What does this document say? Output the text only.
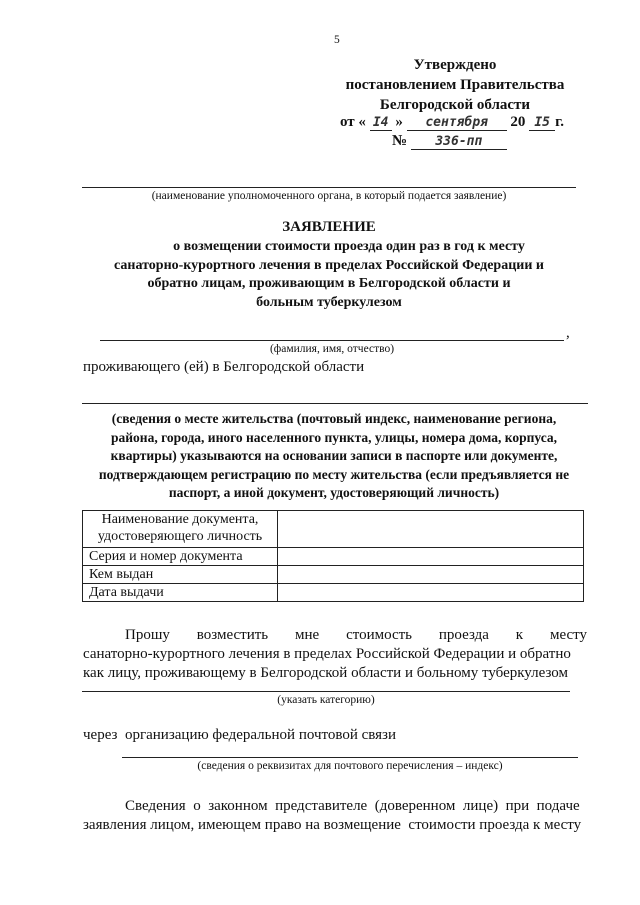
5
Утверждено
постановлением Правительства
Белгородской области
от « I4 » сентября 20 I5 г.
№ 336-пп
(наименование уполномоченного органа, в который подается заявление)
ЗАЯВЛЕНИЕ
о возмещении стоимости проезда один раз в год к месту
санаторно-курортного лечения в пределах Российской Федерации и
обратно лицам, проживающим в Белгородской области и
больным туберкулезом
,
(фамилия, имя, отчество)
проживающего (ей) в Белгородской области
(сведения о месте жительства (почтовый индекс, наименование региона,
района, города, иного населенного пункта, улицы, номера дома, корпуса,
квартиры) указываются на основании записи в паспорте или документе,
подтверждающем регистрацию по месту жительства (если предъявляется не
паспорт, а иной документ, удостоверяющий личность)
Наименование документа, удостоверяющего личность	
Серия и номер документа	
Кем выдан	
Дата выдачи	
Прошу возместить мне стоимость проезда к месту
санаторно-курортного лечения в пределах Российской Федерации и обратно
как лицу, проживающему в Белгородской области и больному туберкулезом
(указать категорию)
через  организацию федеральной почтовой связи
(сведения о реквизитах для почтового перечисления – индекс)
Сведения  о  законном  представителе  (доверенном  лице)  при  подаче
заявления лицом, имеющем право на возмещение  стоимости проезда к месту
